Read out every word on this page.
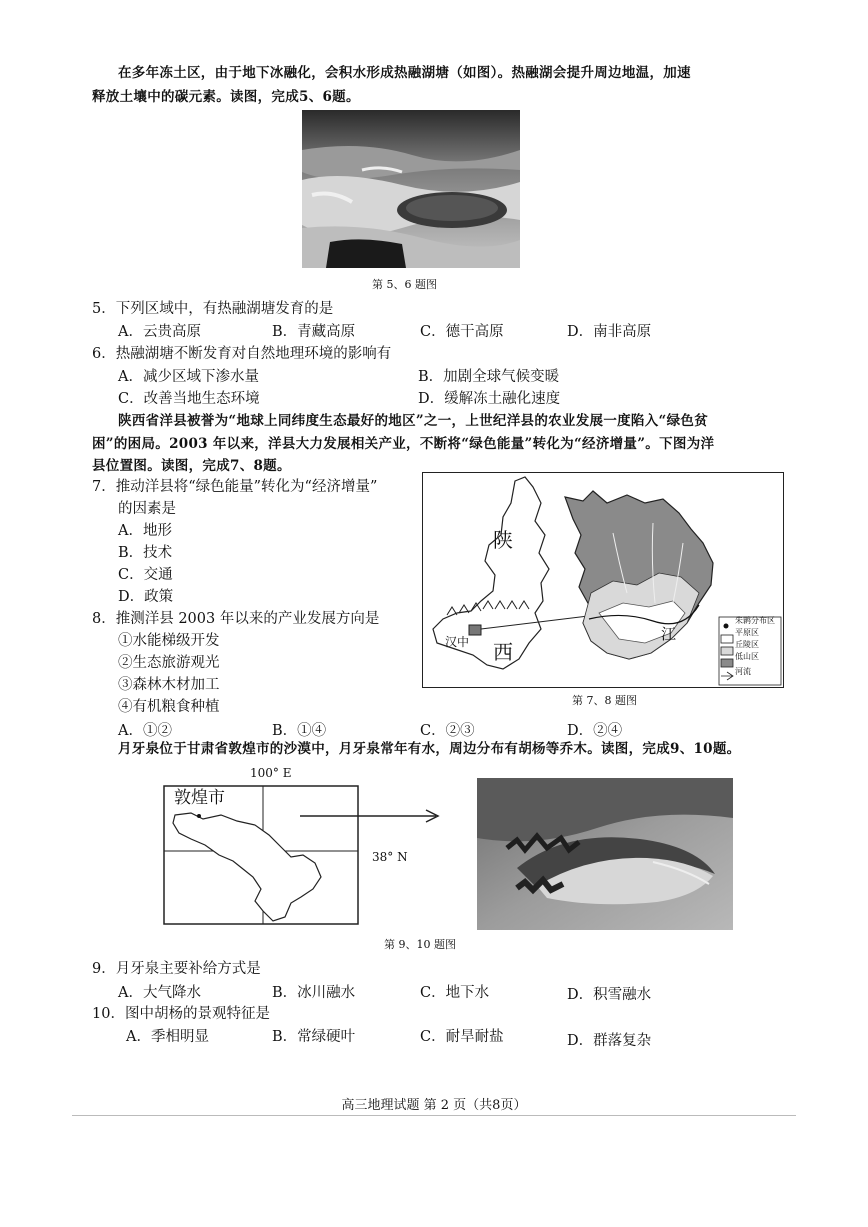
在多年冻土区，由于地下冰融化，会积水形成热融湖塘（如图）。热融湖会提升周边地温，加速
释放土壤中的碳元素。读图，完成5、6题。
第 5、6 题图
5．下列区域中，有热融湖塘发育的是
A．云贵高原	B．青藏高原	C．德干高原	D．南非高原
6．热融湖塘不断发育对自然地理环境的影响有
A．减少区域下渗水量	B．加剧全球气候变暖
C．改善当地生态环境	D．缓解冻土融化速度
陕西省洋县被誉为“地球上同纬度生态最好的地区”之一，上世纪洋县的农业发展一度陷入“绿色贫
困”的困局。2003 年以来，洋县大力发展相关产业，不断将“绿色能量”转化为“经济增量”。下图为洋
县位置图。读图，完成7、8题。
7．推动洋县将“绿色能量”转化为“经济增量”
的因素是
A．地形
B．技术
C．交通
D．政策
8．推测洋县 2003 年以来的产业发展方向是
①水能梯级开发
②生态旅游观光
③森林木材加工
④有机粮食种植
A．①②	B．①④	C．②③	D．②④
陕
西
汉中	江
朱鹮分布区
平原区
丘陵区
低山区
河流
第 7、8 题图
月牙泉位于甘肃省敦煌市的沙漠中，月牙泉常年有水，周边分布有胡杨等乔木。读图，完成9、10题。
100° E
敦煌市
38° N
第 9、10 题图
9．月牙泉主要补给方式是
A．大气降水	B．冰川融水	C．地下水	D．积雪融水
10．图中胡杨的景观特征是
A．季相明显	B．常绿硬叶	C．耐旱耐盐	D．群落复杂
高三地理试题 第 2 页（共8页）
